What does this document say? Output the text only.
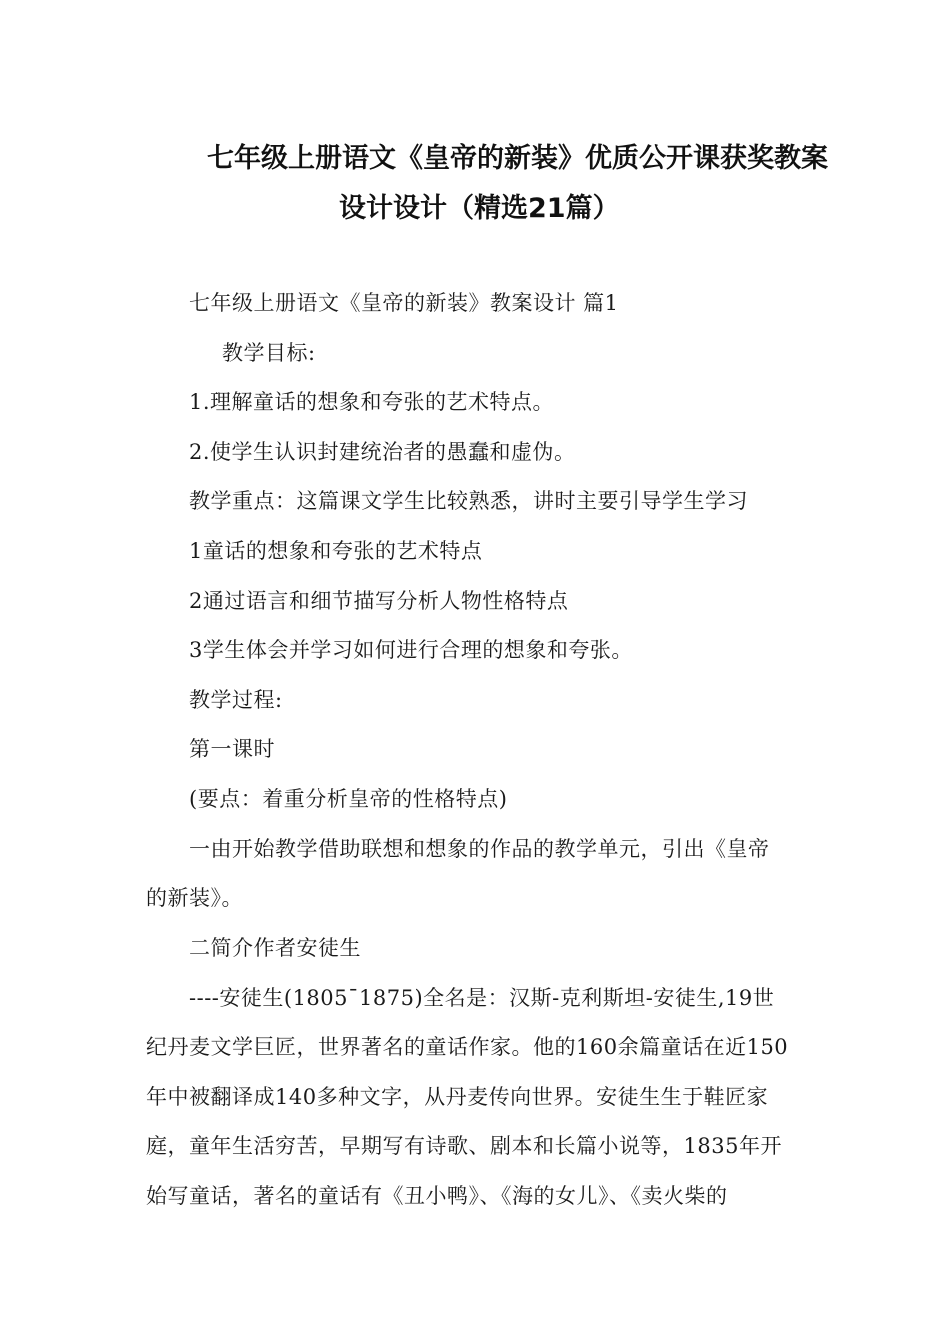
七年级上册语文《皇帝的新装》优质公开课获奖教案
设计设计（精选21篇）
七年级上册语文《皇帝的新装》教案设计 篇1
教学目标:
1.理解童话的想象和夸张的艺术特点。
2.使学生认识封建统治者的愚蠢和虚伪。
教学重点：这篇课文学生比较熟悉，讲时主要引导学生学习
1童话的想象和夸张的艺术特点
2通过语言和细节描写分析人物性格特点
3学生体会并学习如何进行合理的想象和夸张。
教学过程:
第一课时
(要点：着重分析皇帝的性格特点)
一由开始教学借助联想和想象的作品的教学单元，引出《皇帝
的新装》。
二简介作者安徒生
----安徒生(1805¯1875)全名是：汉斯-克利斯坦-安徒生,19世
纪丹麦文学巨匠，世界著名的童话作家。他的160余篇童话在近150
年中被翻译成140多种文字，从丹麦传向世界。安徒生生于鞋匠家
庭，童年生活穷苦，早期写有诗歌、剧本和长篇小说等，1835年开
始写童话，著名的童话有《丑小鸭》、《海的女儿》、《卖火柴的
